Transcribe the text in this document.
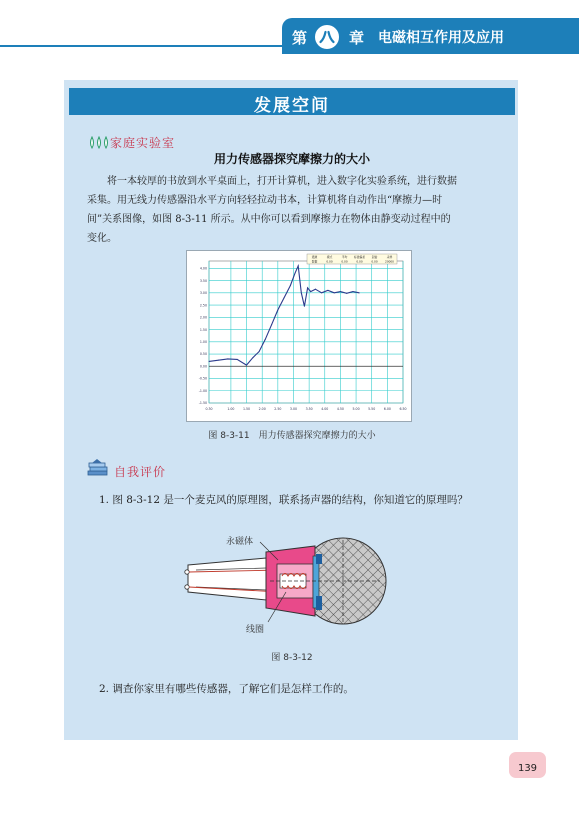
第	章 电磁相互作用及应用
发展空间
家庭实验室
用力传感器探究摩擦力的大小
将一本较厚的书放到水平桌面上，打开计算机，进入数字化实验系统，进行数据
采集。用无线力传感器沿水平方向轻轻拉动书本，计算机将自动作出“摩擦力—时
间”关系图像，如图 8-3-11 所示。从中你可以看到摩擦力在物体由静变动过程中的
变化。
0.30	1.00	1.50	2.00	2.50	3.00	3.50	4.00	4.50	5.00	5.50	6.00	6.50
4.00
3.50
3.00
2.50
2.00
1.50
1.00
0.50
0.00
-0.50
-1.00
-1.50
通道	模式	平均 标准偏差 起始	采样
数据	0.00	0.00	0.00	0.00	20000
图 8-3-11　用力传感器探究摩擦力的大小
自我评价
1. 图 8-3-12 是一个麦克风的原理图，联系扬声器的结构，你知道它的原理吗？
永磁体
线圈
图 8-3-12
2. 调查你家里有哪些传感器，了解它们是怎样工作的。
139
